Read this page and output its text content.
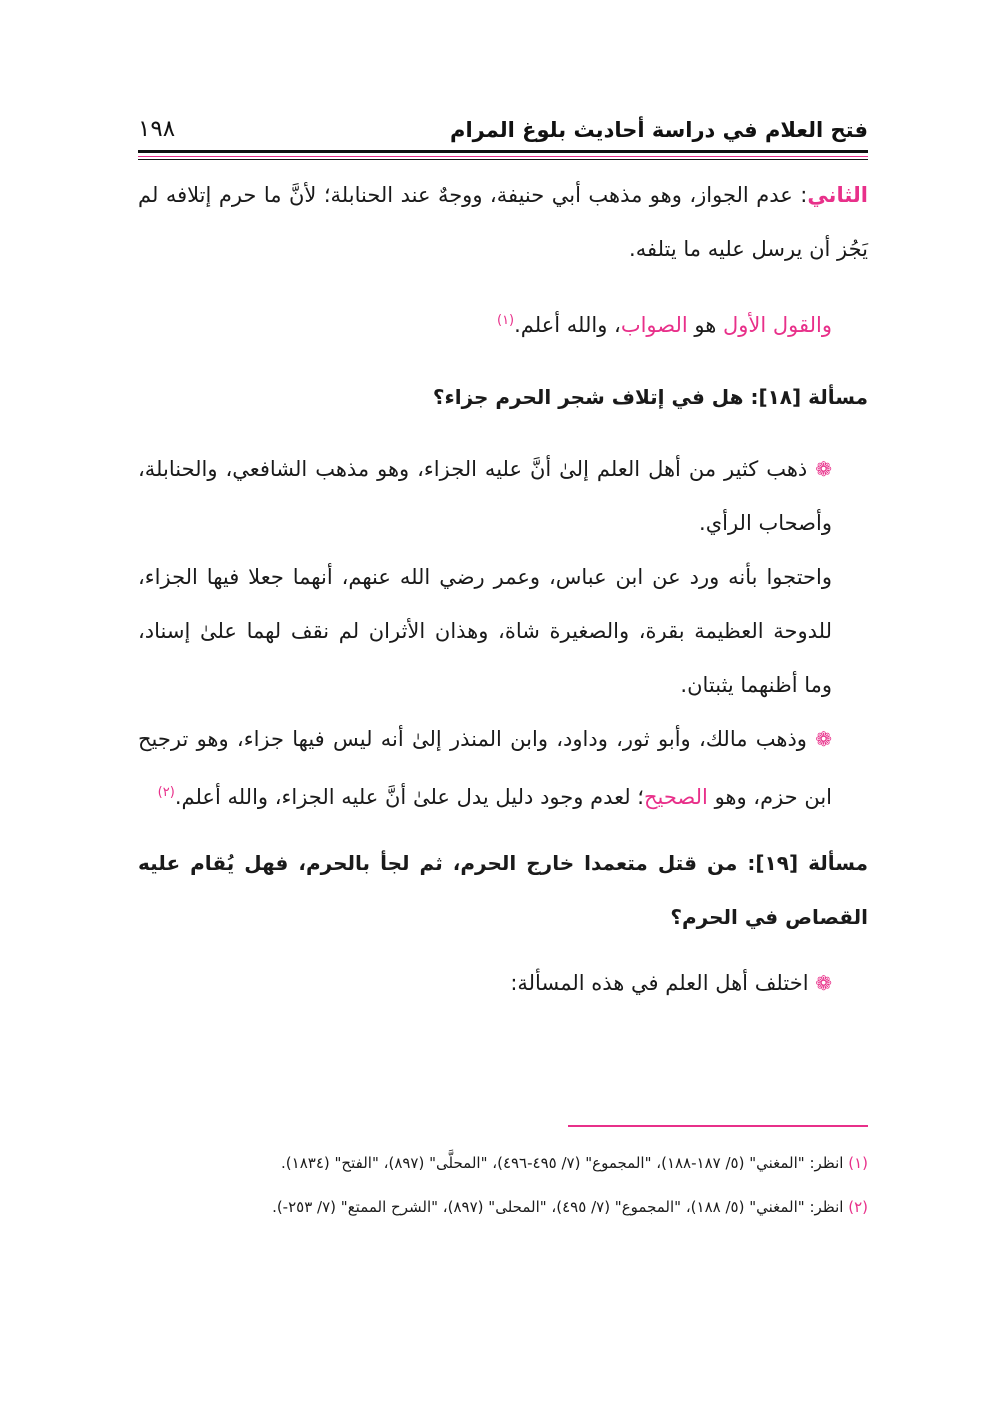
فتح العلام في دراسة أحاديث بلوغ المرام
١٩٨

الثاني: عدم الجواز، وهو مذهب أبي حنيفة، ووجهٌ عند الحنابلة؛ لأنَّ ما حرم إتلافه لم يَجُز أن يرسل عليه ما يتلفه.

والقول الأول هو الصواب، والله أعلم.$^{(١)}$

مسألة [١٨]: هل في إتلاف شجر الحرم جزاء؟

❁ ذهب كثير من أهل العلم إلىٰ أنَّ عليه الجزاء، وهو مذهب الشافعي، والحنابلة، وأصحاب الرأي.

واحتجوا بأنه ورد عن ابن عباس، وعمر رضي الله عنهم، أنهما جعلا فيها الجزاء، للدوحة العظيمة بقرة، والصغيرة شاة، وهذان الأثران لم نقف لهما علىٰ إسناد، وما أظنهما يثبتان.

❁ وذهب مالك، وأبو ثور، وداود، وابن المنذر إلىٰ أنه ليس فيها جزاء، وهو ترجيح ابن حزم، وهو الصحيح؛ لعدم وجود دليل يدل علىٰ أنَّ عليه الجزاء، والله أعلم.$^{(٢)}$

مسألة [١٩]: من قتل متعمدا خارج الحرم، ثم لجأ بالحرم، فهل يُقام عليه القصاص في الحرم؟

❁ اختلف أهل العلم في هذه المسألة:

(١) انظر: "المغني" (٥/ ١٨٧-١٨٨)، "المجموع" (٧/ ٤٩٥-٤٩٦)، "المحلَّى" (٨٩٧)، "الفتح" (١٨٣٤).

(٢) انظر: "المغني" (٥/ ١٨٨)، "المجموع" (٧/ ٤٩٥)، "المحلى" (٨٩٧)، "الشرح الممتع" (٧/ ٢٥٣-).
